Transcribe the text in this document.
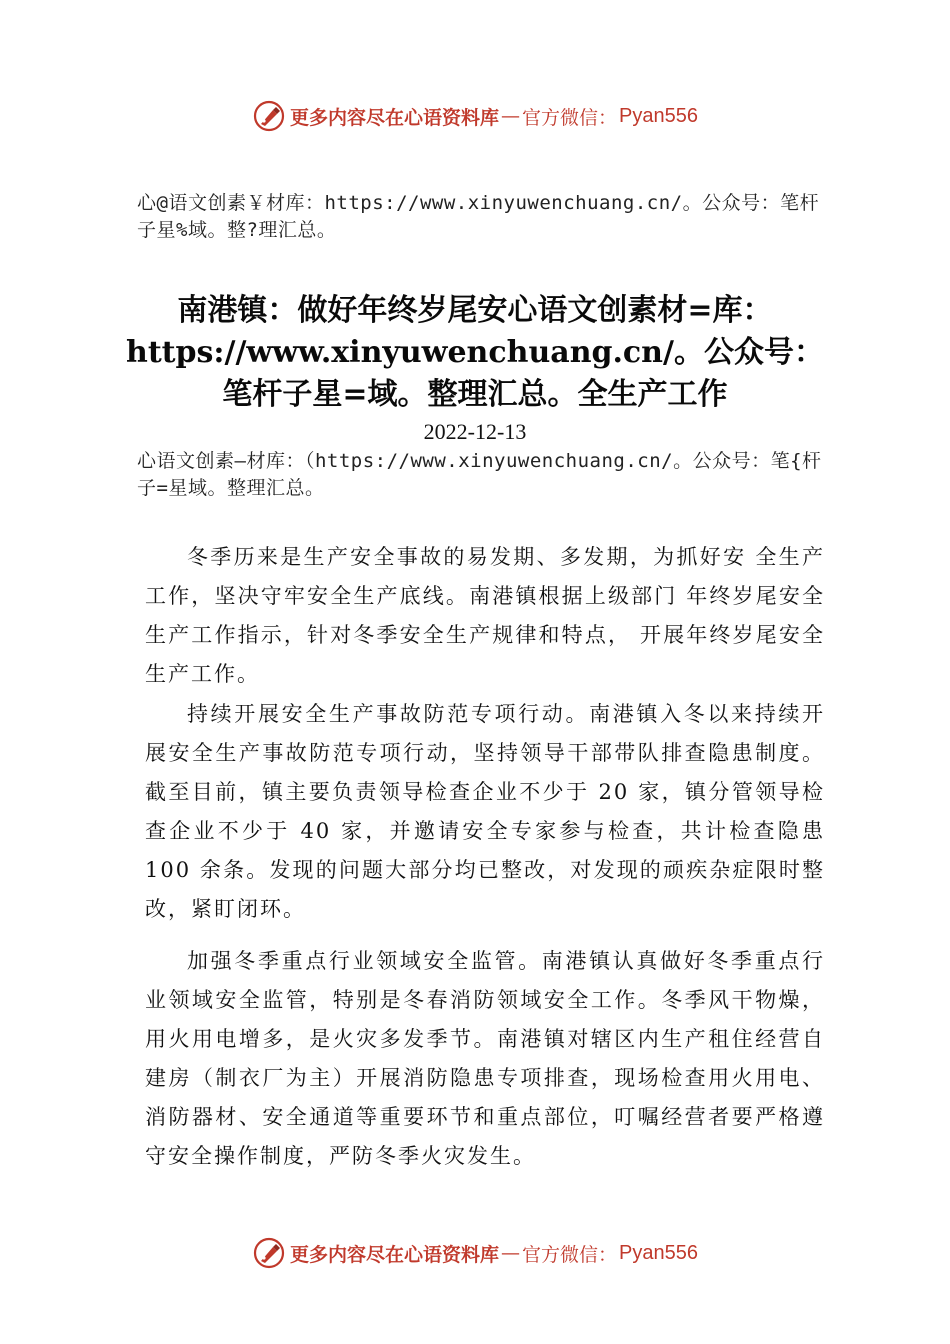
更多内容尽在心语资料库 — 官方微信： Pyan556
心@语文创素￥材库：https://www.xinyuwenchuang.cn/。公众号：笔杆子星%域。整?理汇总。
南港镇：做好年终岁尾安心语文创素材=库：
https://www.xinyuwenchuang.cn/。公众号：
笔杆子星=域。整理汇总。全生产工作
2022-12-13
心语文创素—材库：（https://www.xinyuwenchuang.cn/。公众号：笔{杆子=星域。整理汇总。

冬季历来是生产安全事故的易发期、多发期，为抓好安 全生产工作，坚决守牢安全生产底线。南港镇根据上级部门 年终岁尾安全生产工作指示，针对冬季安全生产规律和特点， 开展年终岁尾安全生产工作。

持续开展安全生产事故防范专项行动。南港镇入冬以来持续开展安全生产事故防范专项行动，坚持领导干部带队排查隐患制度。截至目前，镇主要负责领导检查企业不少于 20 家，镇分管领导检查企业不少于 40 家，并邀请安全专家参与检查，共计检查隐患 100 余条。发现的问题大部分均已整改，对发现的顽疾杂症限时整改，紧盯闭环。

加强冬季重点行业领域安全监管。南港镇认真做好冬季重点行业领域安全监管，特别是冬春消防领域安全工作。冬季风干物燥，用火用电增多，是火灾多发季节。南港镇对辖区内生产租住经营自建房（制衣厂为主）开展消防隐患专项排查，现场检查用火用电、消防器材、安全通道等重要环节和重点部位，叮嘱经营者要严格遵守安全操作制度，严防冬季火灾发生。

更多内容尽在心语资料库 — 官方微信： Pyan556
